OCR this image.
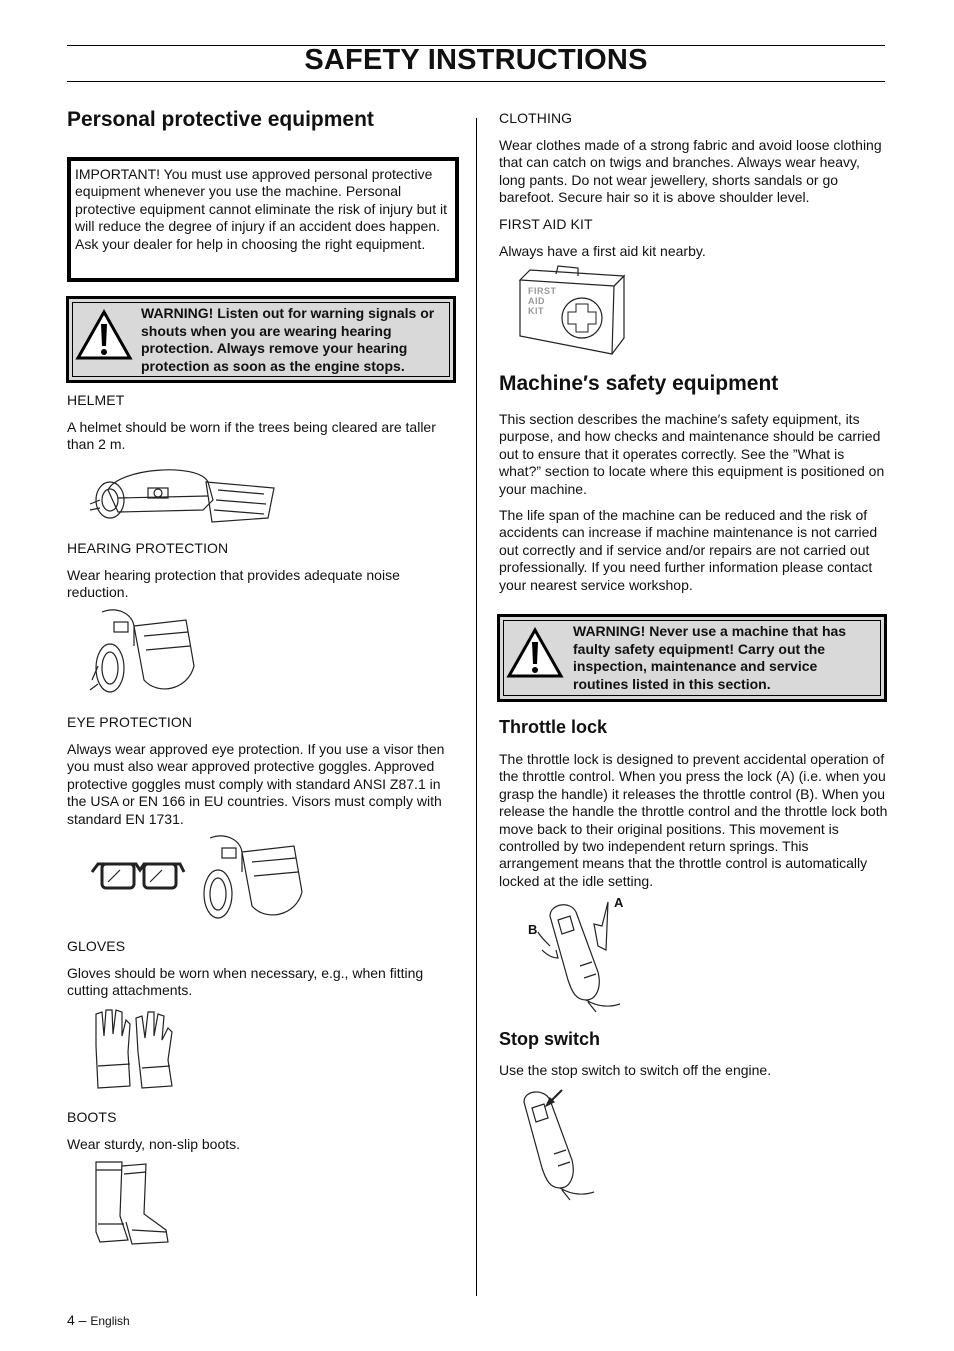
SAFETY INSTRUCTIONS
Personal protective equipment
IMPORTANT! You must use approved personal protective equipment whenever you use the machine. Personal protective equipment cannot eliminate the risk of injury but it will reduce the degree of injury if an accident does happen. Ask your dealer for help in choosing the right equipment.
WARNING! Listen out for warning signals or shouts when you are wearing hearing protection. Always remove your hearing protection as soon as the engine stops.
HELMET
A helmet should be worn if the trees being cleared are taller than 2 m.
HEARING PROTECTION
Wear hearing protection that provides adequate noise reduction.
EYE PROTECTION
Always wear approved eye protection. If you use a visor then you must also wear approved protective goggles. Approved protective goggles must comply with standard ANSI Z87.1 in the USA or EN 166 in EU countries. Visors must comply with standard EN 1731.
GLOVES
Gloves should be worn when necessary, e.g., when fitting cutting attachments.
BOOTS
Wear sturdy, non-slip boots.
4 – English
CLOTHING
Wear clothes made of a strong fabric and avoid loose clothing that can catch on twigs and branches. Always wear heavy, long pants. Do not wear jewellery, shorts sandals or go barefoot. Secure hair so it is above shoulder level.
FIRST AID KIT
Always have a first aid kit nearby.
FIRST AID KIT
Machine′s safety equipment
This section describes the machine′s safety equipment, its purpose, and how checks and maintenance should be carried out to ensure that it operates correctly. See the ”What is what?” section to locate where this equipment is positioned on your machine.
The life span of the machine can be reduced and the risk of accidents can increase if machine maintenance is not carried out correctly and if service and/or repairs are not carried out professionally. If you need further information please contact your nearest service workshop.
WARNING! Never use a machine that has faulty safety equipment! Carry out the inspection, maintenance and service routines listed in this section.
Throttle lock
The throttle lock is designed to prevent accidental operation of the throttle control. When you press the lock (A) (i.e. when you grasp the handle) it releases the throttle control (B). When you release the handle the throttle control and the throttle lock both move back to their original positions. This movement is controlled by two independent return springs. This arrangement means that the throttle control is automatically locked at the idle setting.
A
B
Stop switch
Use the stop switch to switch off the engine.
